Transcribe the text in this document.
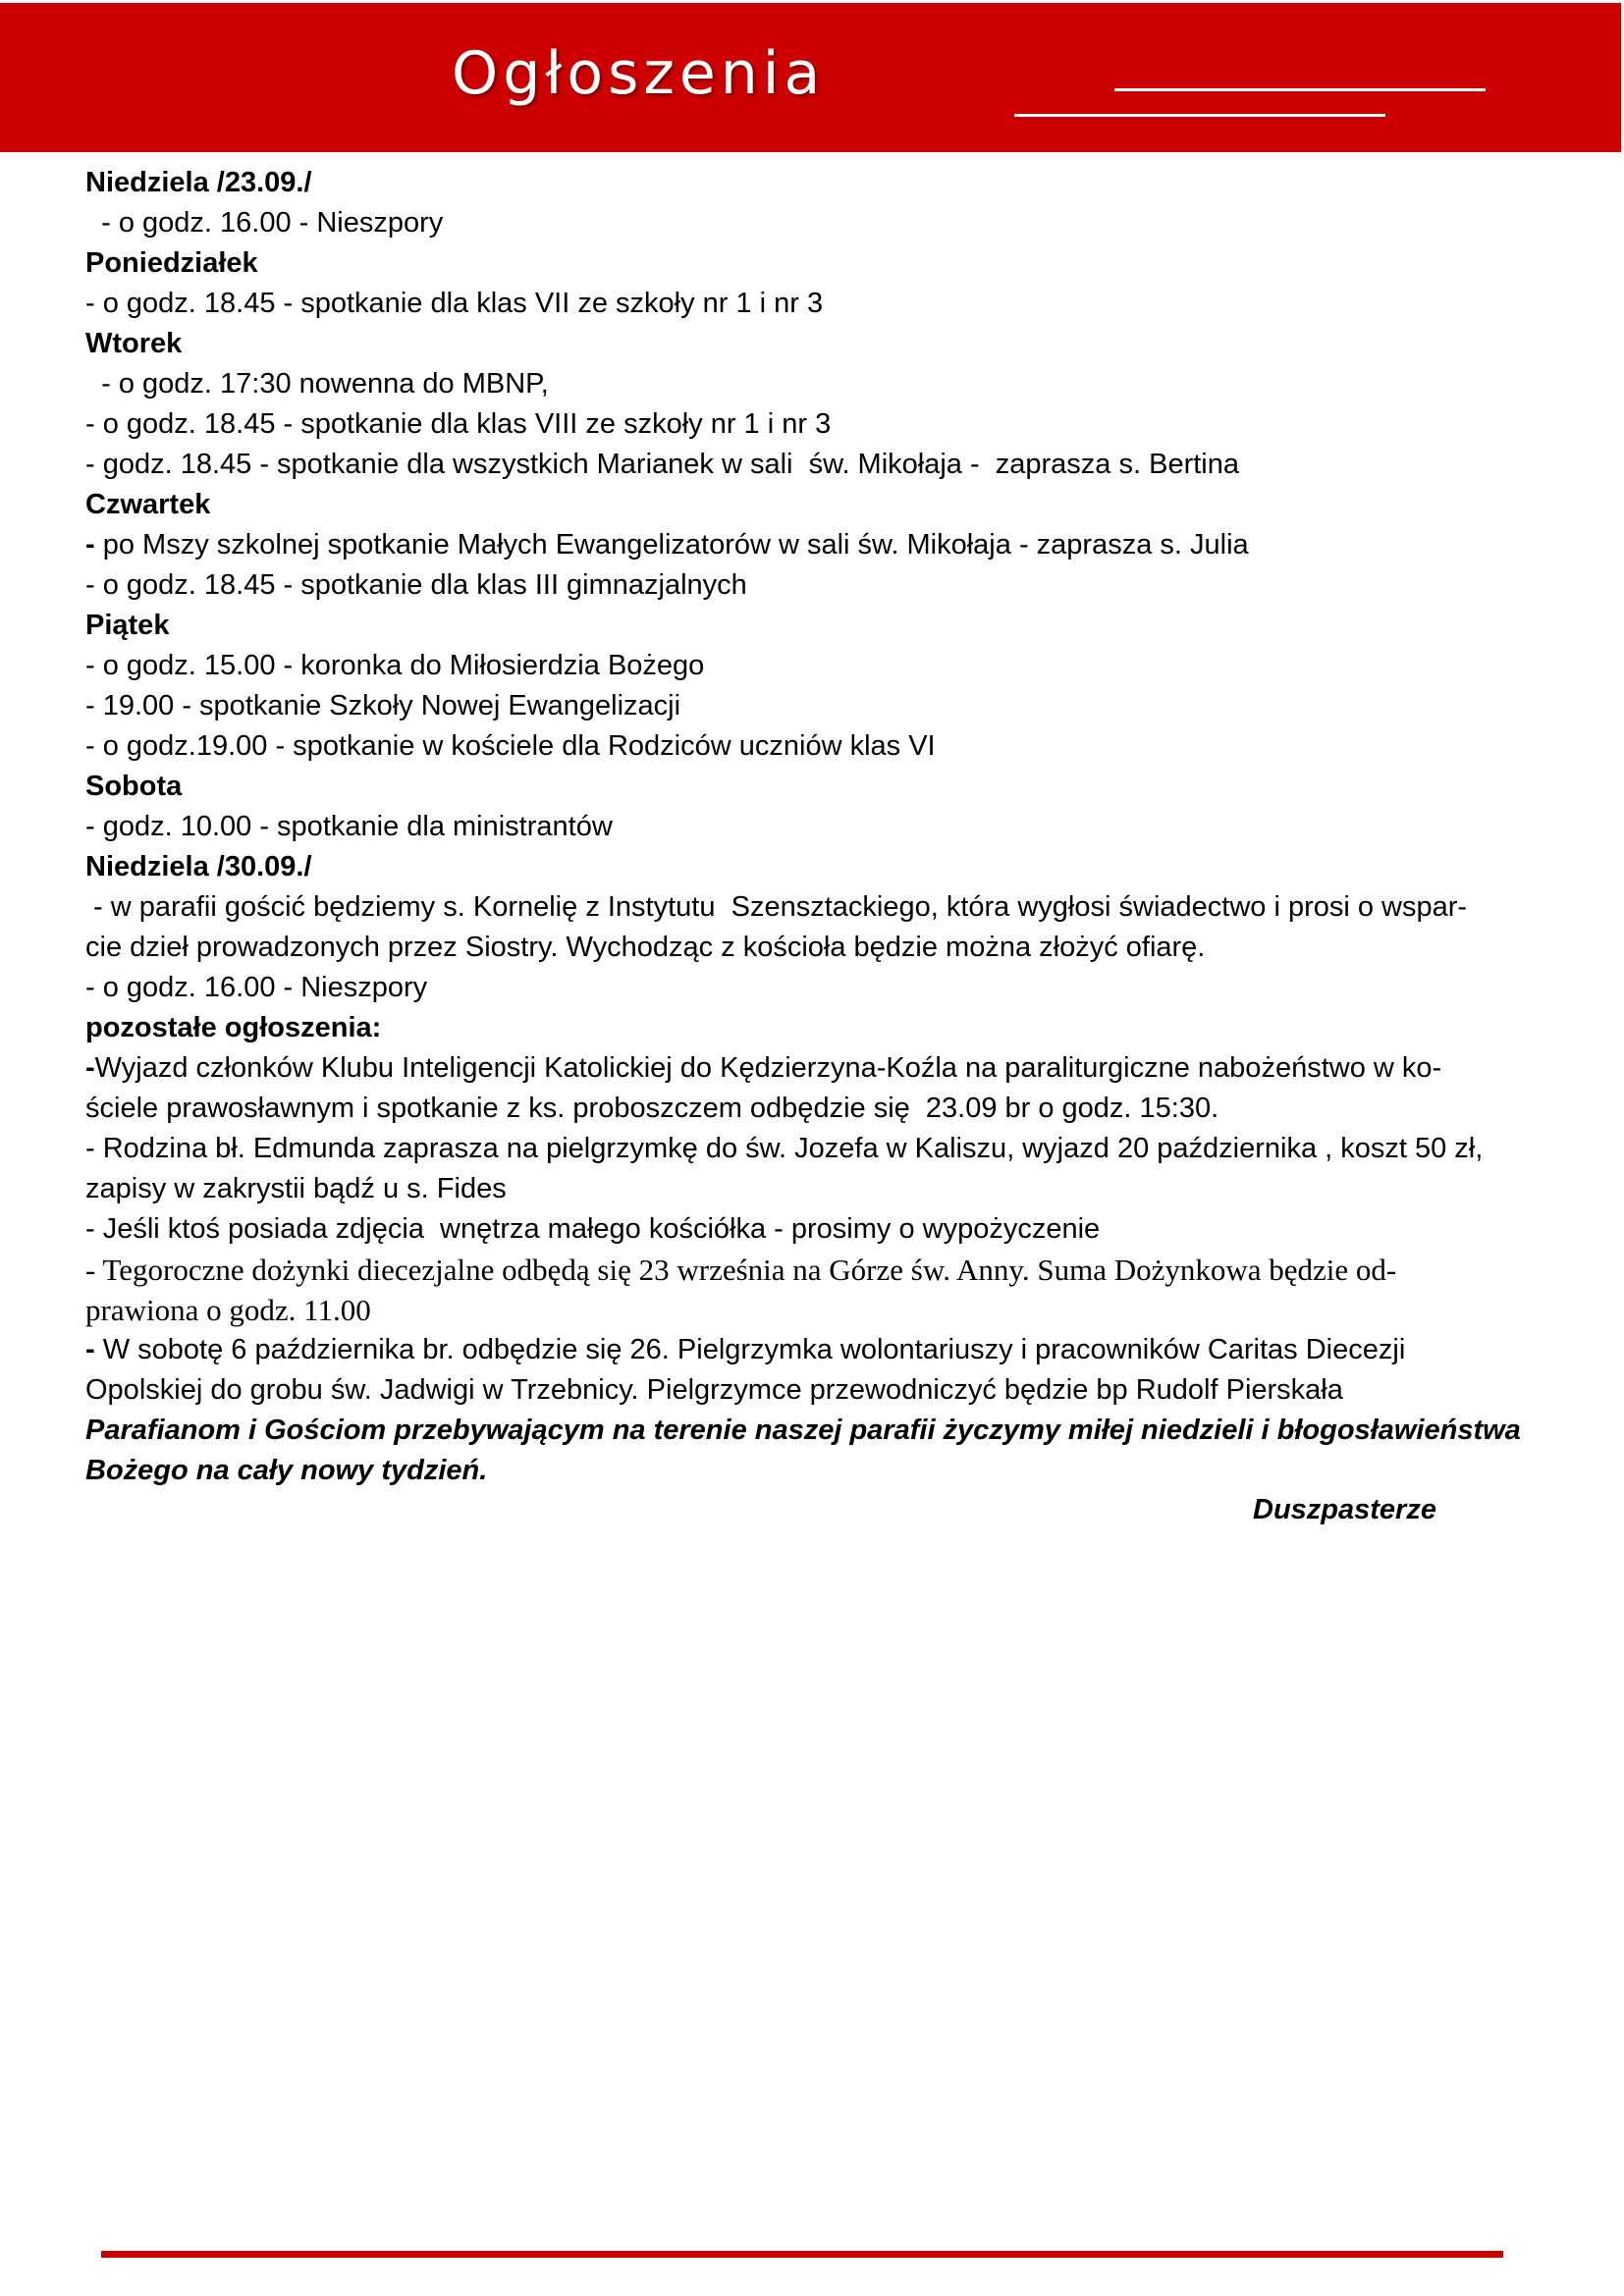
Ogłoszenia
Niedziela /23.09./
- o godz. 16.00 - Nieszpory
Poniedziałek
- o godz. 18.45 - spotkanie dla klas VII ze szkoły nr 1 i nr 3
Wtorek
- o godz. 17:30 nowenna do MBNP,
- o godz. 18.45 - spotkanie dla klas VIII ze szkoły nr 1 i nr 3
- godz. 18.45 - spotkanie dla wszystkich Marianek w sali  św. Mikołaja -  zaprasza s. Bertina
Czwartek
- po Mszy szkolnej spotkanie Małych Ewangelizatorów w sali św. Mikołaja - zaprasza s. Julia
- o godz. 18.45 - spotkanie dla klas III gimnazjalnych
Piątek
- o godz. 15.00 - koronka do Miłosierdzia Bożego
- 19.00 - spotkanie Szkoły Nowej Ewangelizacji
- o godz.19.00 - spotkanie w kościele dla Rodziców uczniów klas VI
Sobota
- godz. 10.00 - spotkanie dla ministrantów
Niedziela /30.09./
- w parafii gościć będziemy s. Kornelię z Instytutu  Szensztackiego, która wygłosi świadectwo i prosi o wspar-
cie dzieł prowadzonych przez Siostry. Wychodząc z kościoła będzie można złożyć ofiarę.
- o godz. 16.00 - Nieszpory
pozostałe ogłoszenia:
-Wyjazd członków Klubu Inteligencji Katolickiej do Kędzierzyna-Koźla na paraliturgiczne nabożeństwo w ko-
ściele prawosławnym i spotkanie z ks. proboszczem odbędzie się  23.09 br o godz. 15:30.
- Rodzina bł. Edmunda zaprasza na pielgrzymkę do św. Jozefa w Kaliszu, wyjazd 20 października , koszt 50 zł,
zapisy w zakrystii bądź u s. Fides
- Jeśli ktoś posiada zdjęcia  wnętrza małego kościółka - prosimy o wypożyczenie
- Tegoroczne dożynki diecezjalne odbędą się 23 września na Górze św. Anny. Suma Dożynkowa będzie od-
prawiona o godz. 11.00
- W sobotę 6 października br. odbędzie się 26. Pielgrzymka wolontariuszy i pracowników Caritas Diecezji
Opolskiej do grobu św. Jadwigi w Trzebnicy. Pielgrzymce przewodniczyć będzie bp Rudolf Pierskała
Parafianom i Gościom przebywającym na terenie naszej parafii życzymy miłej niedzieli i błogosławieństwa
Bożego na cały nowy tydzień.
Duszpasterze
